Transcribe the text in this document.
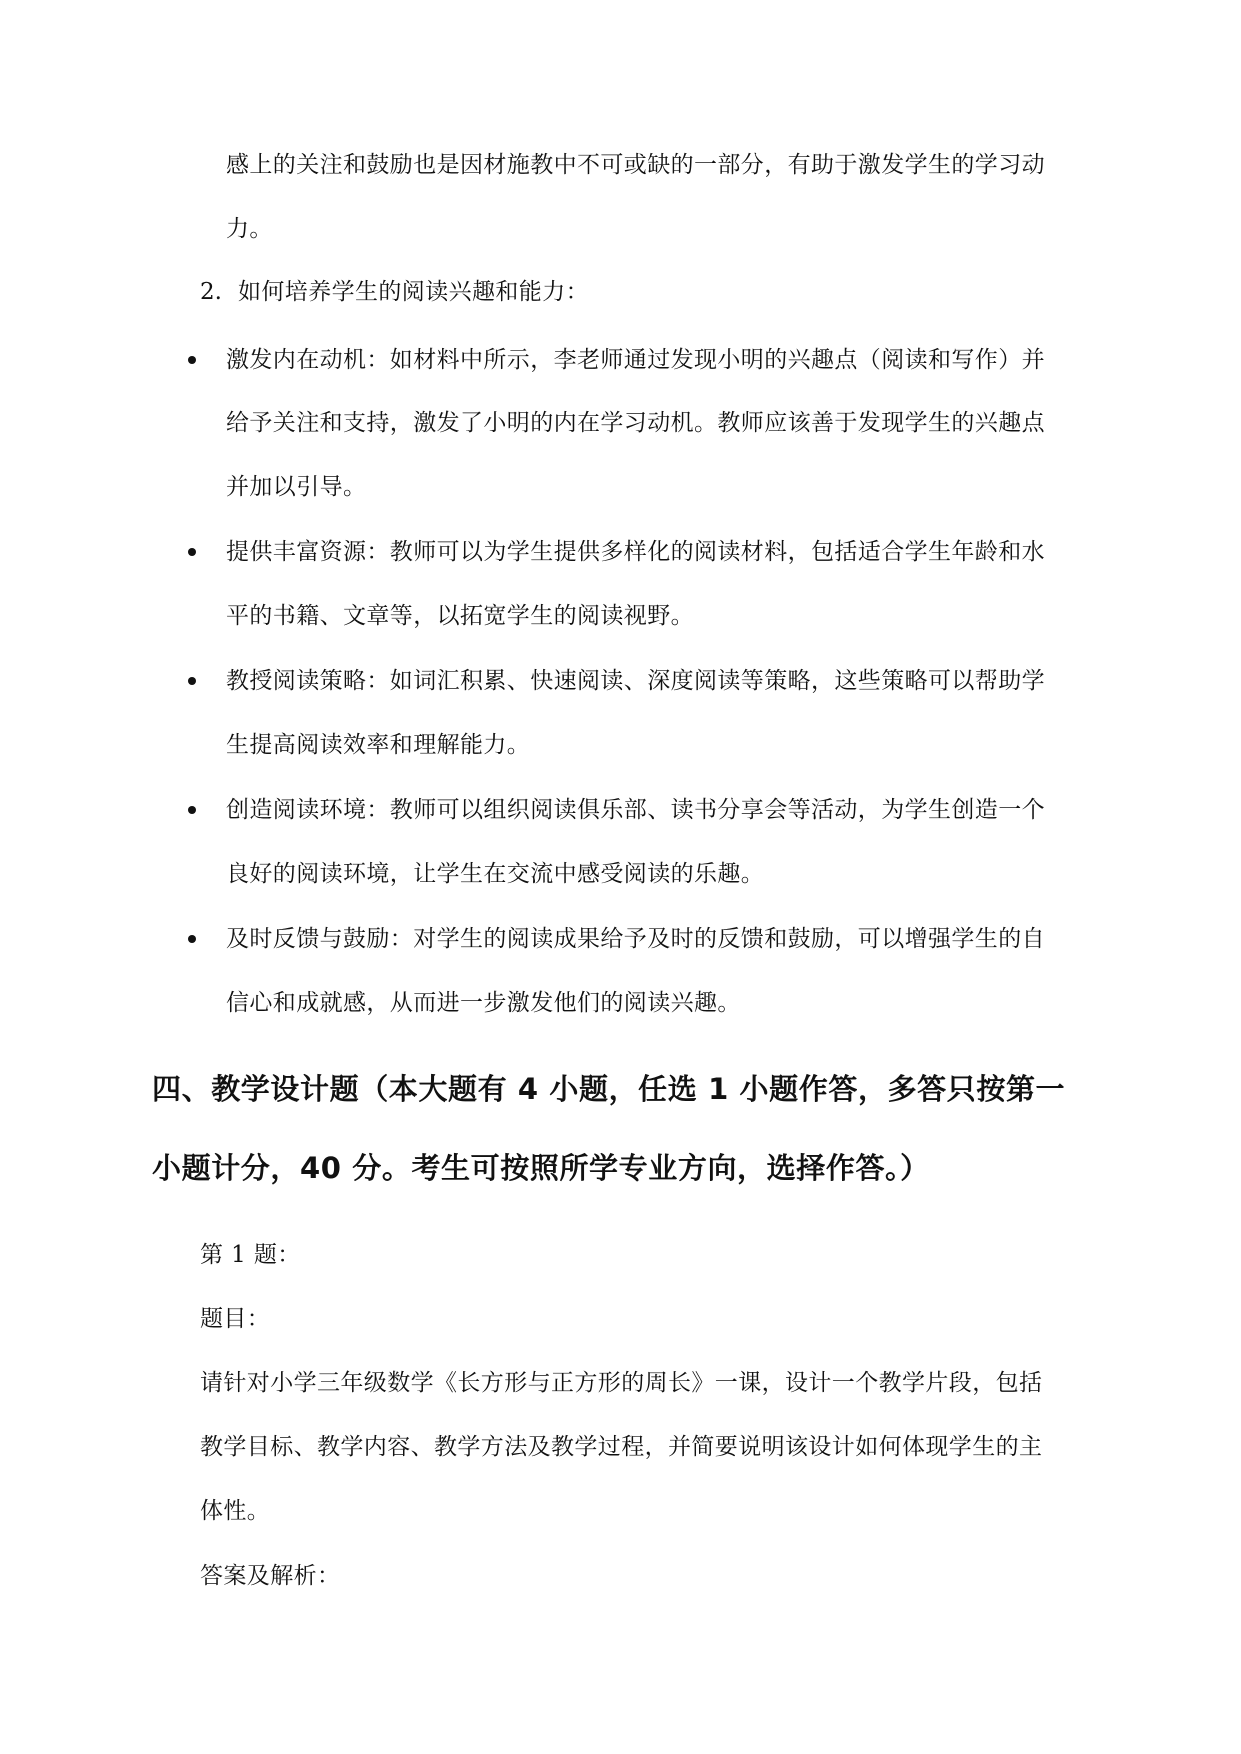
感上的关注和鼓励也是因材施教中不可或缺的一部分，有助于激发学生的学习动
力。
2. 如何培养学生的阅读兴趣和能力：
激发内在动机：如材料中所示，李老师通过发现小明的兴趣点（阅读和写作）并
给予关注和支持，激发了小明的内在学习动机。教师应该善于发现学生的兴趣点
并加以引导。
提供丰富资源：教师可以为学生提供多样化的阅读材料，包括适合学生年龄和水
平的书籍、文章等，以拓宽学生的阅读视野。
教授阅读策略：如词汇积累、快速阅读、深度阅读等策略，这些策略可以帮助学
生提高阅读效率和理解能力。
创造阅读环境：教师可以组织阅读俱乐部、读书分享会等活动，为学生创造一个
良好的阅读环境，让学生在交流中感受阅读的乐趣。
及时反馈与鼓励：对学生的阅读成果给予及时的反馈和鼓励，可以增强学生的自
信心和成就感，从而进一步激发他们的阅读兴趣。
四、教学设计题（本大题有 4 小题，任选 1 小题作答，多答只按第一
小题计分，40 分。考生可按照所学专业方向，选择作答。）
第 1 题：
题目：
请针对小学三年级数学《长方形与正方形的周长》一课，设计一个教学片段，包括
教学目标、教学内容、教学方法及教学过程，并简要说明该设计如何体现学生的主
体性。
答案及解析：
